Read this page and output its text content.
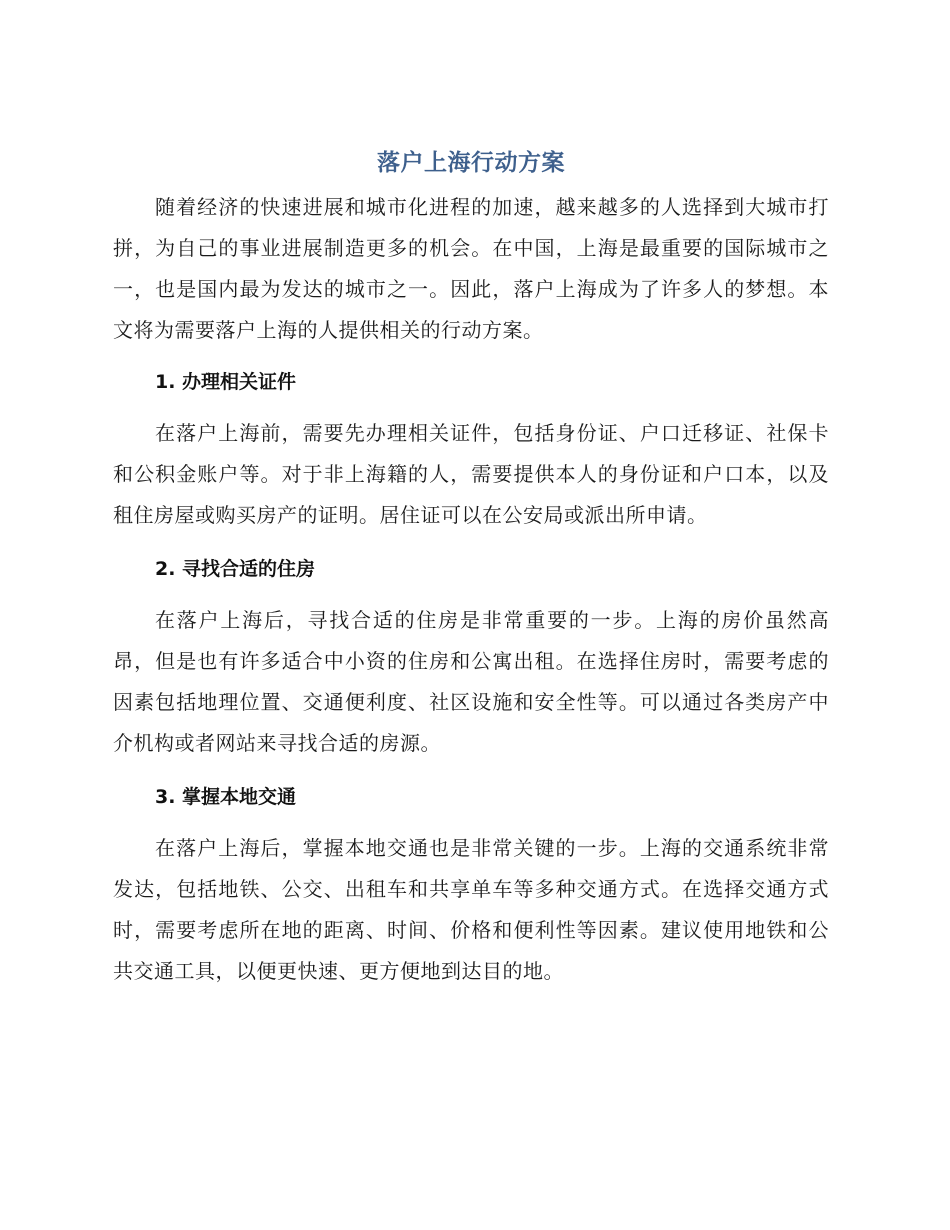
落户上海行动方案

随着经济的快速进展和城市化进程的加速，越来越多的人选择到大城市打拼，为自己的事业进展制造更多的机会。在中国，上海是最重要的国际城市之一，也是国内最为发达的城市之一。因此，落户上海成为了许多人的梦想。本文将为需要落户上海的人提供相关的行动方案。

1. 办理相关证件

在落户上海前，需要先办理相关证件，包括身份证、户口迁移证、社保卡和公积金账户等。对于非上海籍的人，需要提供本人的身份证和户口本，以及租住房屋或购买房产的证明。居住证可以在公安局或派出所申请。

2. 寻找合适的住房

在落户上海后，寻找合适的住房是非常重要的一步。上海的房价虽然高昂，但是也有许多适合中小资的住房和公寓出租。在选择住房时，需要考虑的因素包括地理位置、交通便利度、社区设施和安全性等。可以通过各类房产中介机构或者网站来寻找合适的房源。

3. 掌握本地交通

在落户上海后，掌握本地交通也是非常关键的一步。上海的交通系统非常发达，包括地铁、公交、出租车和共享单车等多种交通方式。在选择交通方式时，需要考虑所在地的距离、时间、价格和便利性等因素。建议使用地铁和公共交通工具，以便更快速、更方便地到达目的地。
